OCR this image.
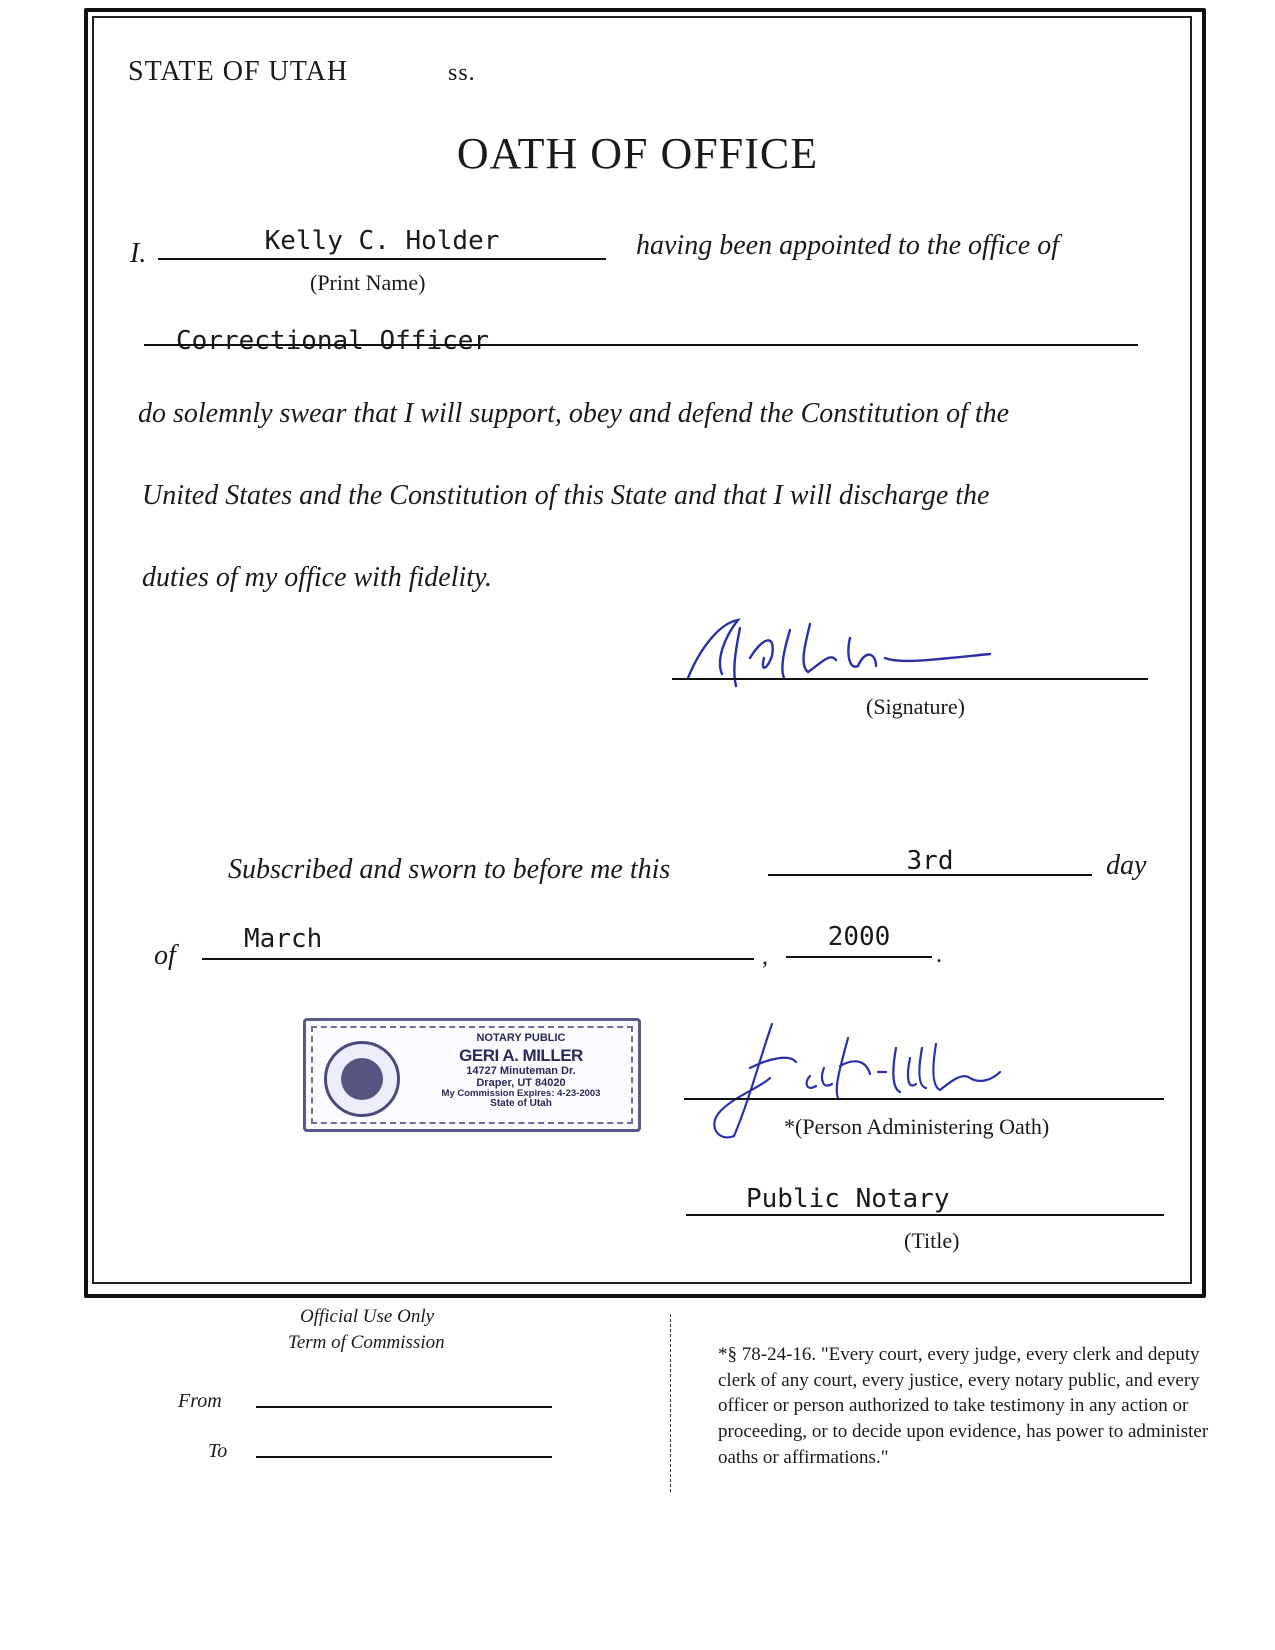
STATE OF UTAH	ss.
OATH OF OFFICE
I.	Kelly C. Holder	having been appointed to the office of
(Print Name)
Correctional Officer
do solemnly swear that I will support, obey and defend the Constitution of the
United States and the Constitution of this State and that I will discharge the
duties of my office with fidelity.
(Signature)
Subscribed and sworn to before me this	3rd	day
of
March
,
2000
.
NOTARY PUBLIC
GERI A. MILLER
14727 Minuteman Dr.
Draper, UT 84020
My Commission Expires: 4-23-2003
State of Utah
*(Person Administering Oath)
Public Notary
(Title)
Official Use Only
Term of Commission
From
To
*§ 78-24-16. "Every court, every judge, every clerk and deputy clerk of any court, every justice, every notary public, and every officer or person authorized to take testimony in any action or proceeding, or to decide upon evidence, has power to administer oaths or affirmations."
